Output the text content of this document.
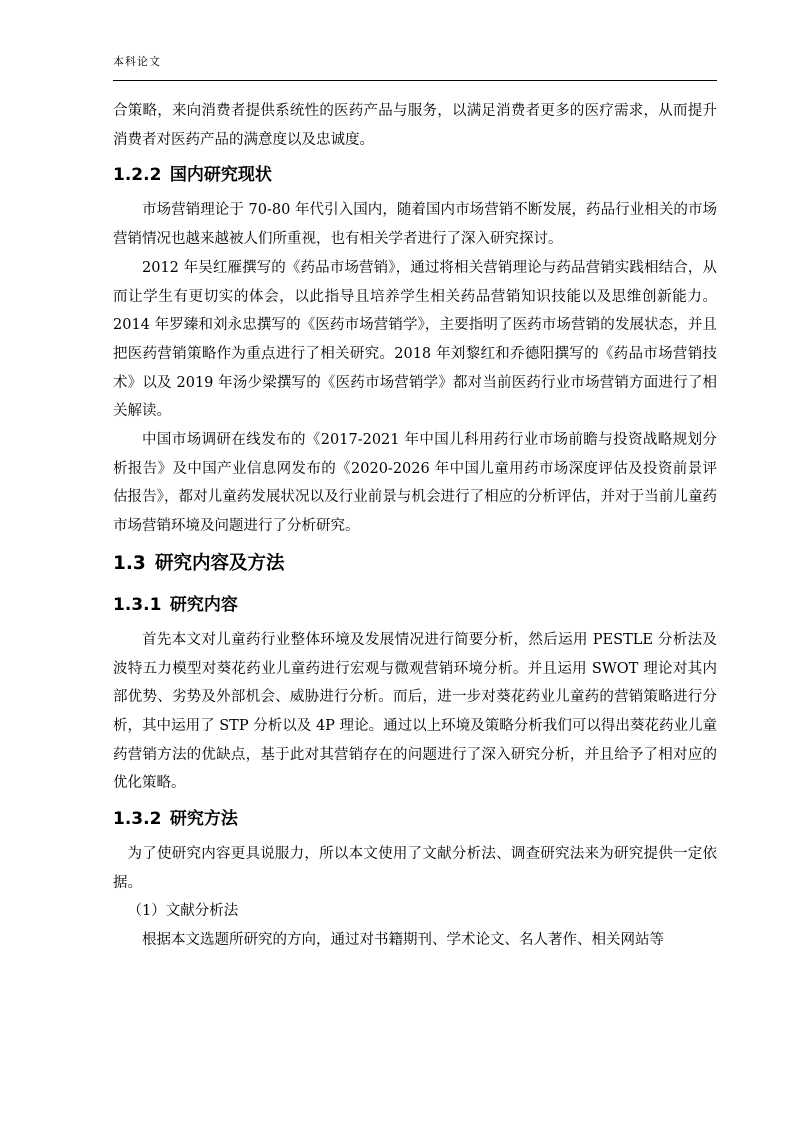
本科论文

合策略，来向消费者提供系统性的医药产品与服务，以满足消费者更多的医疗需求，从而提升消费者对医药产品的满意度以及忠诚度。

1.2.2 国内研究现状

市场营销理论于 70-80 年代引入国内，随着国内市场营销不断发展，药品行业相关的市场营销情况也越来越被人们所重视，也有相关学者进行了深入研究探讨。

2012 年吴红雁撰写的《药品市场营销》，通过将相关营销理论与药品营销实践相结合，从而让学生有更切实的体会，以此指导且培养学生相关药品营销知识技能以及思维创新能力。2014 年罗臻和刘永忠撰写的《医药市场营销学》，主要指明了医药市场营销的发展状态，并且把医药营销策略作为重点进行了相关研究。2018 年刘黎红和乔德阳撰写的《药品市场营销技术》以及 2019 年汤少梁撰写的《医药市场营销学》都对当前医药行业市场营销方面进行了相关解读。

中国市场调研在线发布的《2017-2021 年中国儿科用药行业市场前瞻与投资战略规划分析报告》及中国产业信息网发布的《2020-2026 年中国儿童用药市场深度评估及投资前景评估报告》，都对儿童药发展状况以及行业前景与机会进行了相应的分析评估，并对于当前儿童药市场营销环境及问题进行了分析研究。

1.3 研究内容及方法
1.3.1 研究内容

首先本文对儿童药行业整体环境及发展情况进行简要分析，然后运用 PESTLE 分析法及波特五力模型对葵花药业儿童药进行宏观与微观营销环境分析。并且运用 SWOT 理论对其内部优势、劣势及外部机会、威胁进行分析。而后，进一步对葵花药业儿童药的营销策略进行分析，其中运用了 STP 分析以及 4P 理论。通过以上环境及策略分析我们可以得出葵花药业儿童药营销方法的优缺点，基于此对其营销存在的问题进行了深入研究分析，并且给予了相对应的优化策略。

1.3.2 研究方法

为了使研究内容更具说服力，所以本文使用了文献分析法、调查研究法来为研究提供一定依据。

（1）文献分析法

根据本文选题所研究的方向，通过对书籍期刊、学术论文、名人著作、相关网站等
